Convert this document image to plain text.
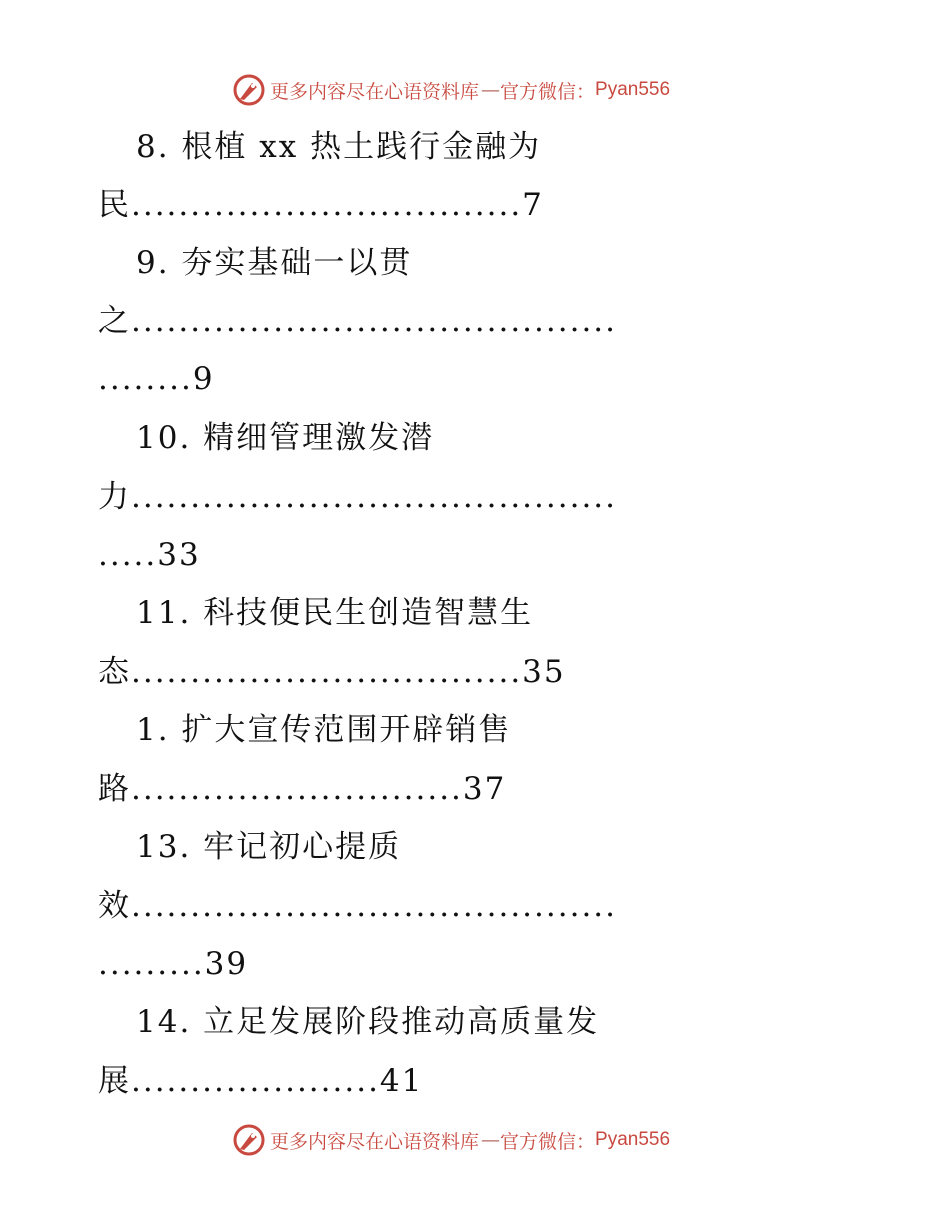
更多内容尽在心语资料库 — 官方微信： Pyan556
8. 根植 xx 热土践行金融为
民.................................7
9. 夯实基础一以贯
之.........................................
........9
10. 精细管理激发潜
力.........................................
.....33
11. 科技便民生创造智慧生
态.................................35
1. 扩大宣传范围开辟销售
路............................37
13. 牢记初心提质
效.........................................
.........39
14. 立足发展阶段推动高质量发
展.....................41
更多内容尽在心语资料库 — 官方微信： Pyan556
